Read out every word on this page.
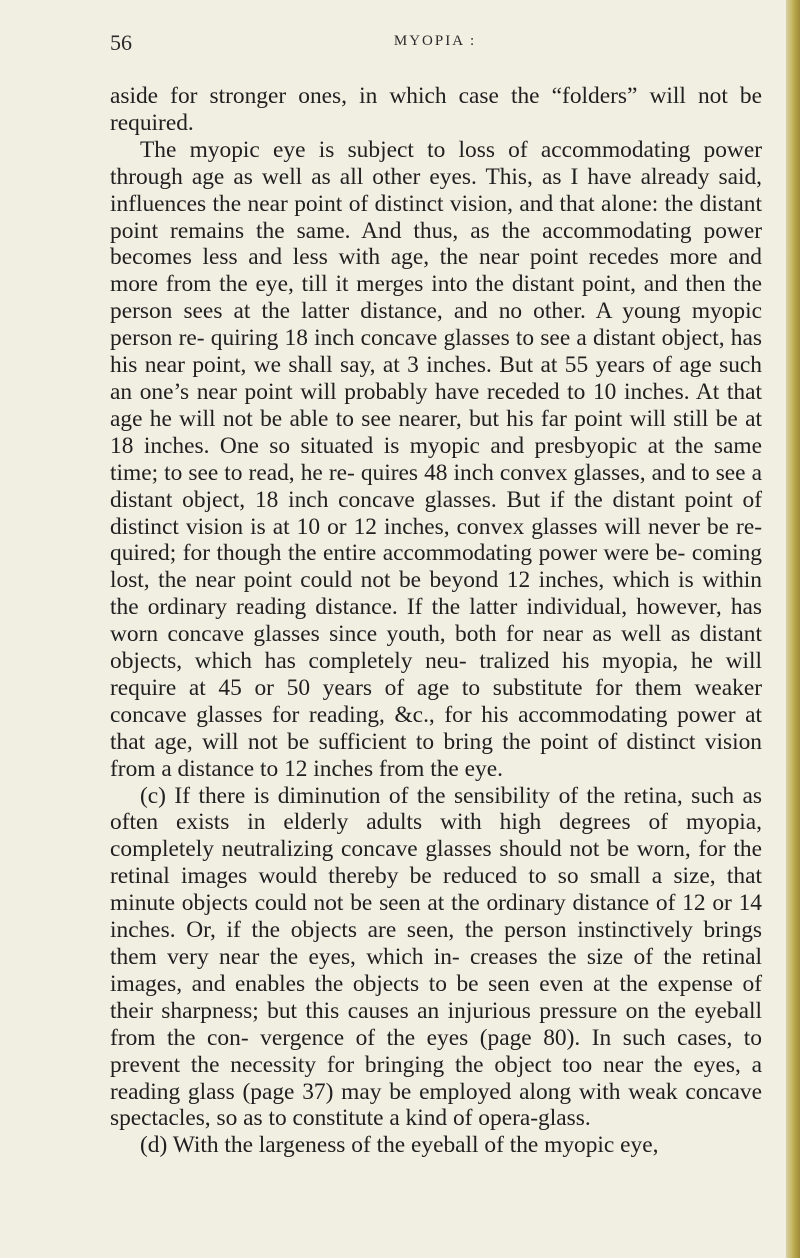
56	MYOPIA :

aside for stronger ones, in which case the “folders” will not be required.

The myopic eye is subject to loss of accommodating power through age as well as all other eyes. This, as I have already said, influences the near point of distinct vision, and that alone: the distant point remains the same. And thus, as the accommodating power becomes less and less with age, the near point recedes more and more from the eye, till it merges into the distant point, and then the person sees at the latter distance, and no other. A young myopic person re- quiring 18 inch concave glasses to see a distant object, has his near point, we shall say, at 3 inches. But at 55 years of age such an one’s near point will probably have receded to 10 inches. At that age he will not be able to see nearer, but his far point will still be at 18 inches. One so situated is myopic and presbyopic at the same time; to see to read, he re- quires 48 inch convex glasses, and to see a distant object, 18 inch concave glasses. But if the distant point of distinct vision is at 10 or 12 inches, convex glasses will never be re- quired; for though the entire accommodating power were be- coming lost, the near point could not be beyond 12 inches, which is within the ordinary reading distance. If the latter individual, however, has worn concave glasses since youth, both for near as well as distant objects, which has completely neu- tralized his myopia, he will require at 45 or 50 years of age to substitute for them weaker concave glasses for reading, &c., for his accommodating power at that age, will not be sufficient to bring the point of distinct vision from a distance to 12 inches from the eye.

(c) If there is diminution of the sensibility of the retina, such as often exists in elderly adults with high degrees of myopia, completely neutralizing concave glasses should not be worn, for the retinal images would thereby be reduced to so small a size, that minute objects could not be seen at the ordinary distance of 12 or 14 inches. Or, if the objects are seen, the person instinctively brings them very near the eyes, which in- creases the size of the retinal images, and enables the objects to be seen even at the expense of their sharpness; but this causes an injurious pressure on the eyeball from the con- vergence of the eyes (page 80). In such cases, to prevent the necessity for bringing the object too near the eyes, a reading glass (page 37) may be employed along with weak concave spectacles, so as to constitute a kind of opera-glass.

(d) With the largeness of the eyeball of the myopic eye,
